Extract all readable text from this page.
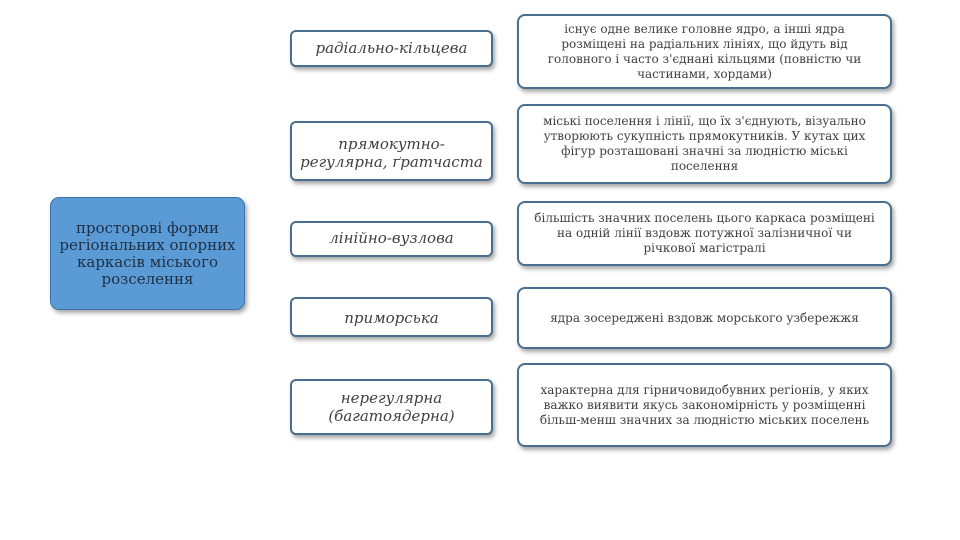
просторові форми регіональних опорних каркасів міського розселення
радіально-кільцева
існує одне велике головне ядро, а інші ядра розміщені на радіальних лініях, що йдуть від головного і часто з'єднані кільцями (повністю чи частинами, хордами)
прямокутно-регулярна, ґратчаста
міські поселення і лінії, що їх з'єднують, візуально утворюють сукупність прямокутників. У кутах цих фігур розташовані значні за людністю міські поселення
лінійно-вузлова
більшість значних поселень цього каркаса розміщені на одній лінії вздовж потужної залізничної чи річкової магістралі
приморська	ядра зосереджені вздовж морського узбережжя
нерегулярна (багатоядерна)
характерна для гірничовидобувних регіонів, у яких важко виявити якусь закономірність у розміщенні більш-менш значних за людністю міських поселень
